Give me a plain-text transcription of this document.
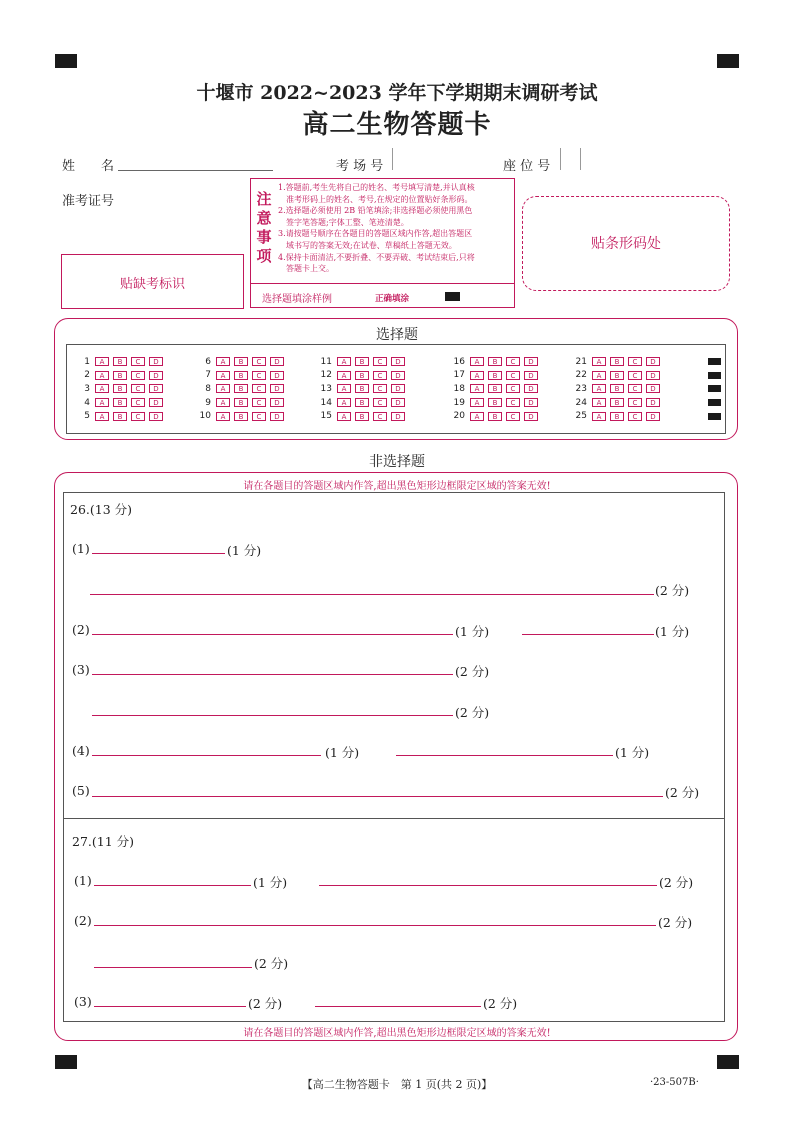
十堰市 2022~2023 学年下学期期末调研考试
高二生物答题卡
姓　　名	考 场 号	座 位 号
准考证号
贴缺考标识
注
意
事
项
1.答题前,考生先将自己的姓名、考号填写清楚,并认真核
　准考形码上的姓名、考号,在规定的位置贴好条形码。
2.选择题必须使用 2B 铅笔填涂;非选择题必须使用黑色
　签字笔答题;字体工整、笔迹清楚。
3.请按题号顺序在各题目的答题区域内作答,超出答题区
　域书写的答案无效;在试卷、草稿纸上答题无效。
4.保持卡面清洁,不要折叠、不要弄破、考试结束后,只将
　答题卡上交。
选择题填涂样例	正确填涂
贴条形码处
选择题
1	A	B	C	D
2	A	B	C	D
3	A	B	C	D
4	A	B	C	D
5	A	B	C	D
6	A	B	C	D
7	A	B	C	D
8	A	B	C	D
9	A	B	C	D
10	A	B	C	D
11	A	B	C	D
12	A	B	C	D
13	A	B	C	D
14	A	B	C	D
15	A	B	C	D
16	A	B	C	D
17	A	B	C	D
18	A	B	C	D
19	A	B	C	D
20	A	B	C	D
21	A	B	C	D
22	A	B	C	D
23	A	B	C	D
24	A	B	C	D
25	A	B	C	D
非选择题
请在各题目的答题区域内作答,超出黑色矩形边框限定区域的答案无效!
请在各题目的答题区域内作答,超出黑色矩形边框限定区域的答案无效!
26.(13 分)
(1)	(1 分)
(2 分)
(2)	(1 分)	(1 分)
(3)	(2 分)
(2 分)
(4)	(1 分)	(1 分)
(5)	(2 分)
27.(11 分)
(1)	(1 分)	(2 分)
(2)	(2 分)
(2 分)
(3)	(2 分)	(2 分)
【高二生物答题卡　第 1 页(共 2 页)】	·23-507B·
